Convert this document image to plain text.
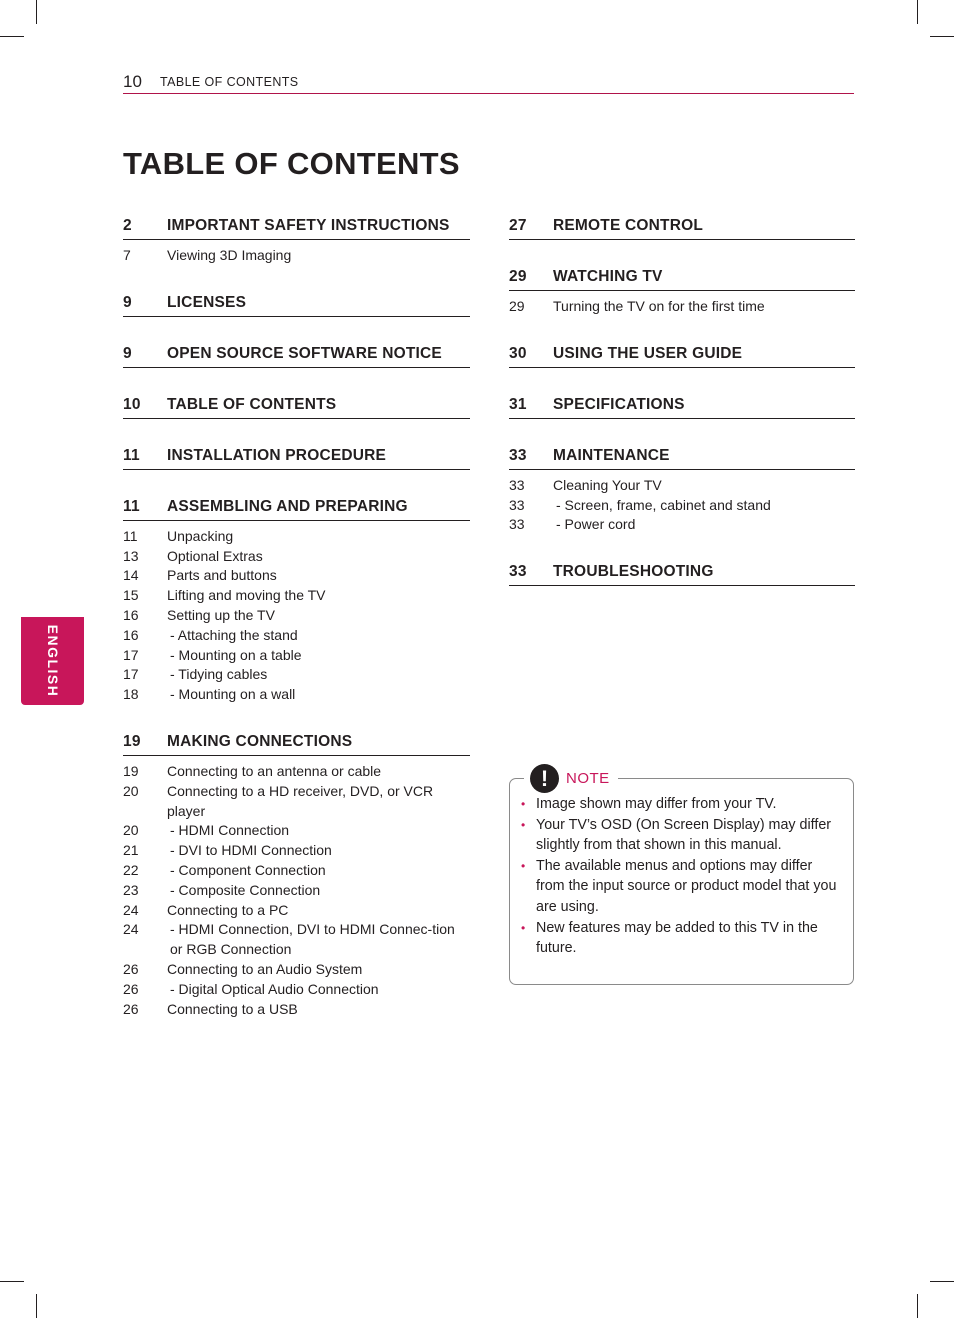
10 TABLE OF CONTENTS
TABLE OF CONTENTS
ENGLISH
2	IMPORTANT SAFETY INSTRUCTIONS
7	Viewing 3D Imaging
9	LICENSES
9	OPEN SOURCE SOFTWARE NOTICE
10	TABLE OF CONTENTS
11	INSTALLATION PROCEDURE
11	ASSEMBLING AND PREPARING
11	Unpacking
13	Optional Extras
14	Parts and buttons
15	Lifting and moving the TV
16	Setting up the TV
16	- Attaching the stand
17	- Mounting on a table
17	- Tidying cables
18	- Mounting on a wall
19	MAKING CONNECTIONS
19	Connecting to an antenna or cable
20	Connecting to a HD receiver, DVD, or VCR player
20	- HDMI Connection
21	- DVI to HDMI Connection
22	- Component Connection
23	- Composite Connection
24	Connecting to a PC
24	- HDMI Connection, DVI to HDMI Connec-tion or RGB Connection
26	Connecting to an Audio System
26	- Digital Optical Audio Connection
26	Connecting to a USB
27	REMOTE CONTROL
29	WATCHING TV
29	Turning the TV on for the first time
30	USING THE USER GUIDE
31	SPECIFICATIONS
33	MAINTENANCE
33	Cleaning Your TV
33	- Screen, frame, cabinet and stand
33	- Power cord
33	TROUBLESHOOTING
!	NOTE
• Image shown may differ from your TV.
• Your TV’s OSD (On Screen Display) may differ slightly from that shown in this manual.
• The available menus and options may differ from the input source or product model that you are using.
• New features may be added to this TV in the future.
